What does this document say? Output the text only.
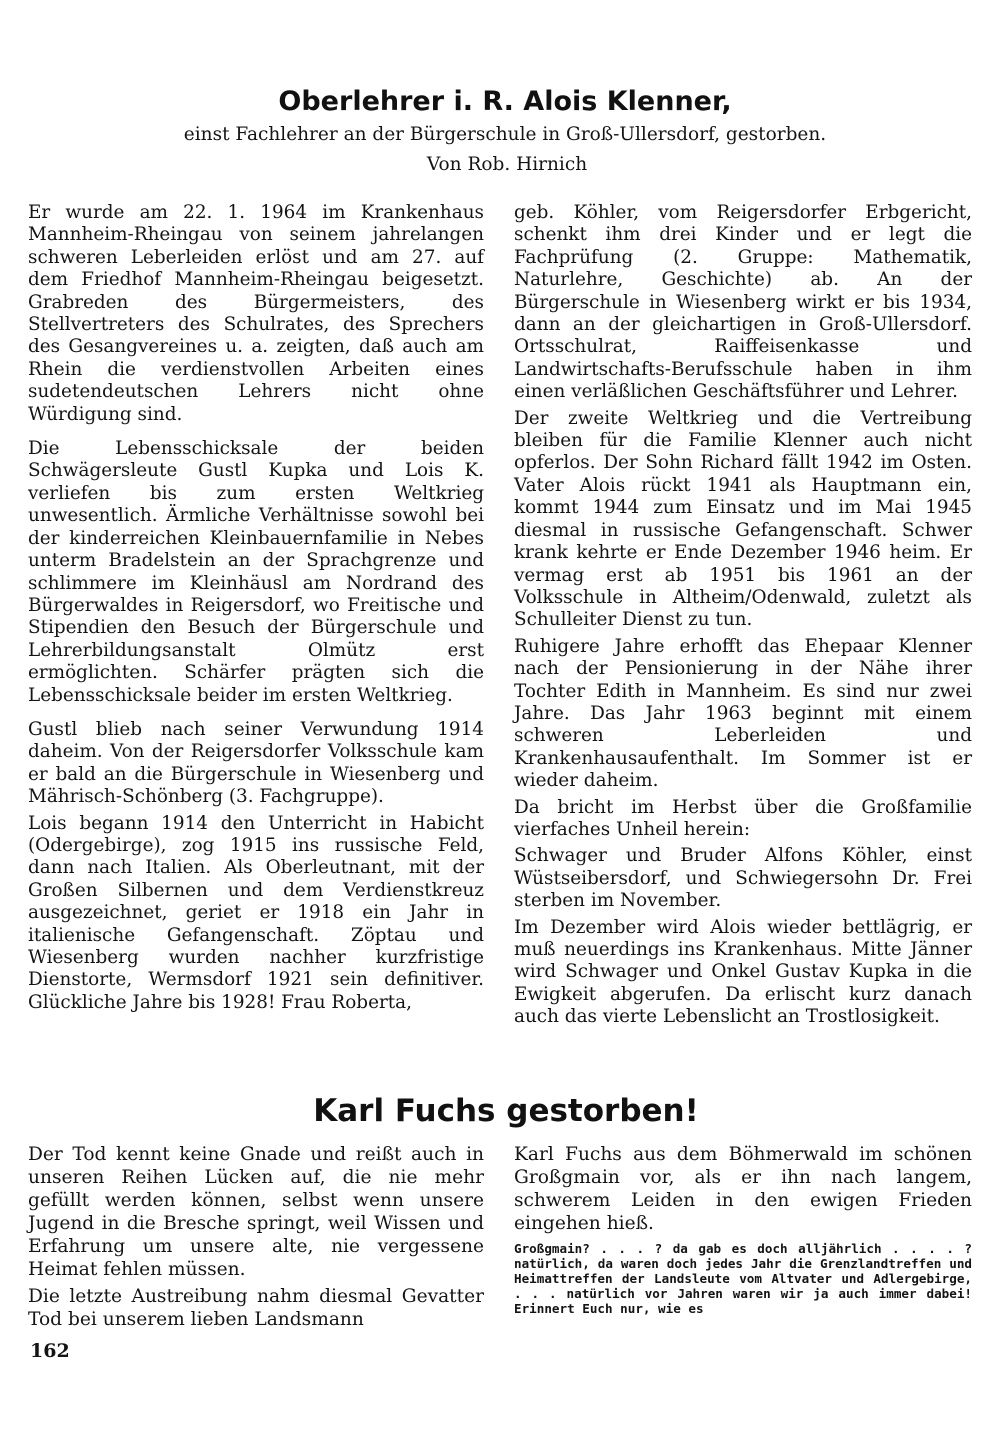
Oberlehrer i. R. Alois Klenner,
einst Fachlehrer an der Bürgerschule in Groß-Ullersdorf, gestorben.
Von Rob. Hirnich

Er wurde am 22. 1. 1964 im Krankenhaus Mannheim-Rheingau von seinem jahrelangen schweren Leberleiden erlöst und am 27. auf dem Friedhof Mannheim-Rheingau beigesetzt. Grabreden des Bürgermeisters, des Stellvertreters des Schulrates, des Sprechers des Gesangvereines u. a. zeigten, daß auch am Rhein die verdienstvollen Arbeiten eines sudetendeutschen Lehrers nicht ohne Würdigung sind.

Die Lebensschicksale der beiden Schwägersleute Gustl Kupka und Lois K. verliefen bis zum ersten Weltkrieg unwesentlich. Ärmliche Verhältnisse sowohl bei der kinderreichen Kleinbauernfamilie in Nebes unterm Bradelstein an der Sprachgrenze und schlimmere im Kleinhäusl am Nordrand des Bürgerwaldes in Reigersdorf, wo Freitische und Stipendien den Besuch der Bürgerschule und Lehrerbildungsanstalt Olmütz erst ermöglichten. Schärfer prägten sich die Lebensschicksale beider im ersten Weltkrieg.

Gustl blieb nach seiner Verwundung 1914 daheim. Von der Reigersdorfer Volksschule kam er bald an die Bürgerschule in Wiesenberg und Mährisch-Schönberg (3. Fachgruppe).

Lois begann 1914 den Unterricht in Habicht (Odergebirge), zog 1915 ins russische Feld, dann nach Italien. Als Oberleutnant, mit der Großen Silbernen und dem Verdienstkreuz ausgezeichnet, geriet er 1918 ein Jahr in italienische Gefangenschaft. Zöptau und Wiesenberg wurden nachher kurzfristige Dienstorte, Wermsdorf 1921 sein definitiver. Glückliche Jahre bis 1928! Frau Roberta,

geb. Köhler, vom Reigersdorfer Erbgericht, schenkt ihm drei Kinder und er legt die Fachprüfung (2. Gruppe: Mathematik, Naturlehre, Geschichte) ab. An der Bürgerschule in Wiesenberg wirkt er bis 1934, dann an der gleichartigen in Groß-Ullersdorf. Ortsschulrat, Raiffeisenkasse und Landwirtschafts-Berufsschule haben in ihm einen verläßlichen Geschäftsführer und Lehrer.

Der zweite Weltkrieg und die Vertreibung bleiben für die Familie Klenner auch nicht opferlos. Der Sohn Richard fällt 1942 im Osten. Vater Alois rückt 1941 als Hauptmann ein, kommt 1944 zum Einsatz und im Mai 1945 diesmal in russische Gefangenschaft. Schwer krank kehrte er Ende Dezember 1946 heim. Er vermag erst ab 1951 bis 1961 an der Volksschule in Altheim/Odenwald, zuletzt als Schulleiter Dienst zu tun.

Ruhigere Jahre erhofft das Ehepaar Klenner nach der Pensionierung in der Nähe ihrer Tochter Edith in Mannheim. Es sind nur zwei Jahre. Das Jahr 1963 beginnt mit einem schweren Leberleiden und Krankenhausaufenthalt. Im Sommer ist er wieder daheim.

Da bricht im Herbst über die Großfamilie vierfaches Unheil herein:

Schwager und Bruder Alfons Köhler, einst Wüstseibersdorf, und Schwiegersohn Dr. Frei sterben im November.

Im Dezember wird Alois wieder bettlägrig, er muß neuerdings ins Krankenhaus. Mitte Jänner wird Schwager und Onkel Gustav Kupka in die Ewigkeit abgerufen. Da erlischt kurz danach auch das vierte Lebenslicht an Trostlosigkeit.

Karl Fuchs gestorben!

Der Tod kennt keine Gnade und reißt auch in unseren Reihen Lücken auf, die nie mehr gefüllt werden können, selbst wenn unsere Jugend in die Bresche springt, weil Wissen und Erfahrung um unsere alte, nie vergessene Heimat fehlen müssen.

Die letzte Austreibung nahm diesmal Gevatter Tod bei unserem lieben Landsmann

Karl Fuchs aus dem Böhmerwald im schönen Großgmain vor, als er ihn nach langem, schwerem Leiden in den ewigen Frieden eingehen hieß.

Großgmain? . . . ? da gab es doch alljährlich . . . . ? natürlich, da waren doch jedes Jahr die Grenzlandtreffen und Heimattreffen der Landsleute vom Altvater und Adlergebirge, . . . natürlich vor Jahren waren wir ja auch immer dabei! Erinnert Euch nur, wie es

162
